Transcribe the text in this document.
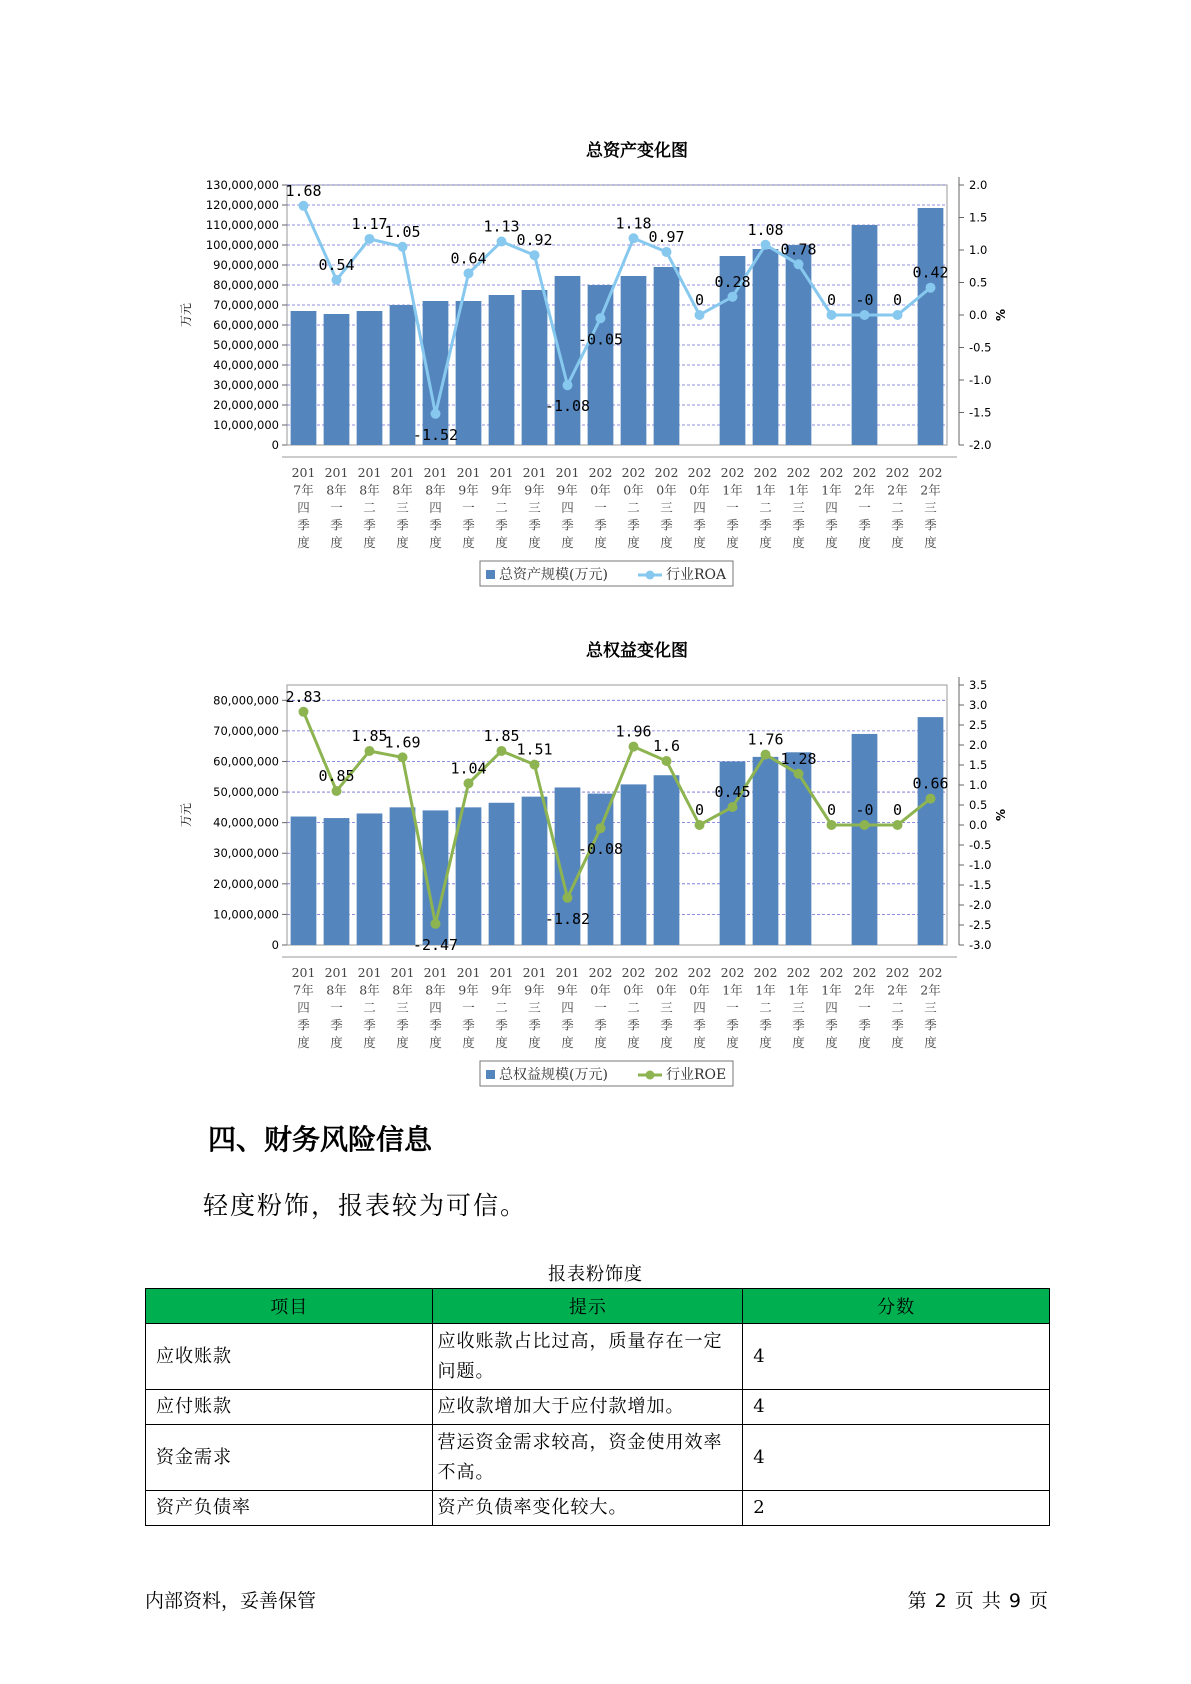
总资产变化图
130,000,000
120,000,000
110,000,000
100,000,000
90,000,000
80,000,000
70,000,000
60,000,000
50,000,000
40,000,000
30,000,000
20,000,000
10,000,000
0
万元
2.0
1.5
1.0
0.5
0.0
-0.5
-1.0
-1.5
-2.0
%
1.68
0.54
1.17
1.05
-1.52
0.64
1.13
0.92
-1.08
-0.05
1.18
0.97
0
0.28
1.08
0.78
0 -0 0
0.42
201 7年四季度
201 8年一季度
201 8年二季度
201 8年三季度
201 8年四季度
201 9年一季度
201 9年二季度
201 9年三季度
201 9年四季度
202 0年一季度
202 0年二季度
202 0年三季度
202 0年四季度
202 1年一季度
202 1年二季度
202 1年三季度
202 1年四季度
202 2年一季度
202 2年二季度
202 2年三季度
总资产规模(万元)	行业ROA
总权益变化图
80,000,000
70,000,000
60,000,000
50,000,000
40,000,000
30,000,000
20,000,000
10,000,000
0
万元
3.5
3.0
2.5
2.0
1.5
1.0
0.5
0.0
-0.5
-1.0
-1.5
-2.0
-2.5
-3.0
%
2.83
0.85
1.85
1.69
-2.47
1.04
1.85
1.51
-1.82
-0.08
1.96
1.6
0
0.45
1.76
1.28
0 -0 0
0.66
201 7年四季度
201 8年一季度
201 8年二季度
201 8年三季度
201 8年四季度
201 9年一季度
201 9年二季度
201 9年三季度
201 9年四季度
202 0年一季度
202 0年二季度
202 0年三季度
202 0年四季度
202 1年一季度
202 1年二季度
202 1年三季度
202 1年四季度
202 2年一季度
202 2年二季度
202 2年三季度
总权益规模(万元)	行业ROE
四、财务风险信息

轻度粉饰，报表较为可信。

报表粉饰度
项目	提示	分数
应收账款	应收账款占比过高，质量存在一定问题。	4
应付账款	应收款增加大于应付款增加。	4
资金需求	营运资金需求较高，资金使用效率不高。	4
资产负债率	资产负债率变化较大。	2
内部资料，妥善保管	第 2 页 共 9 页
